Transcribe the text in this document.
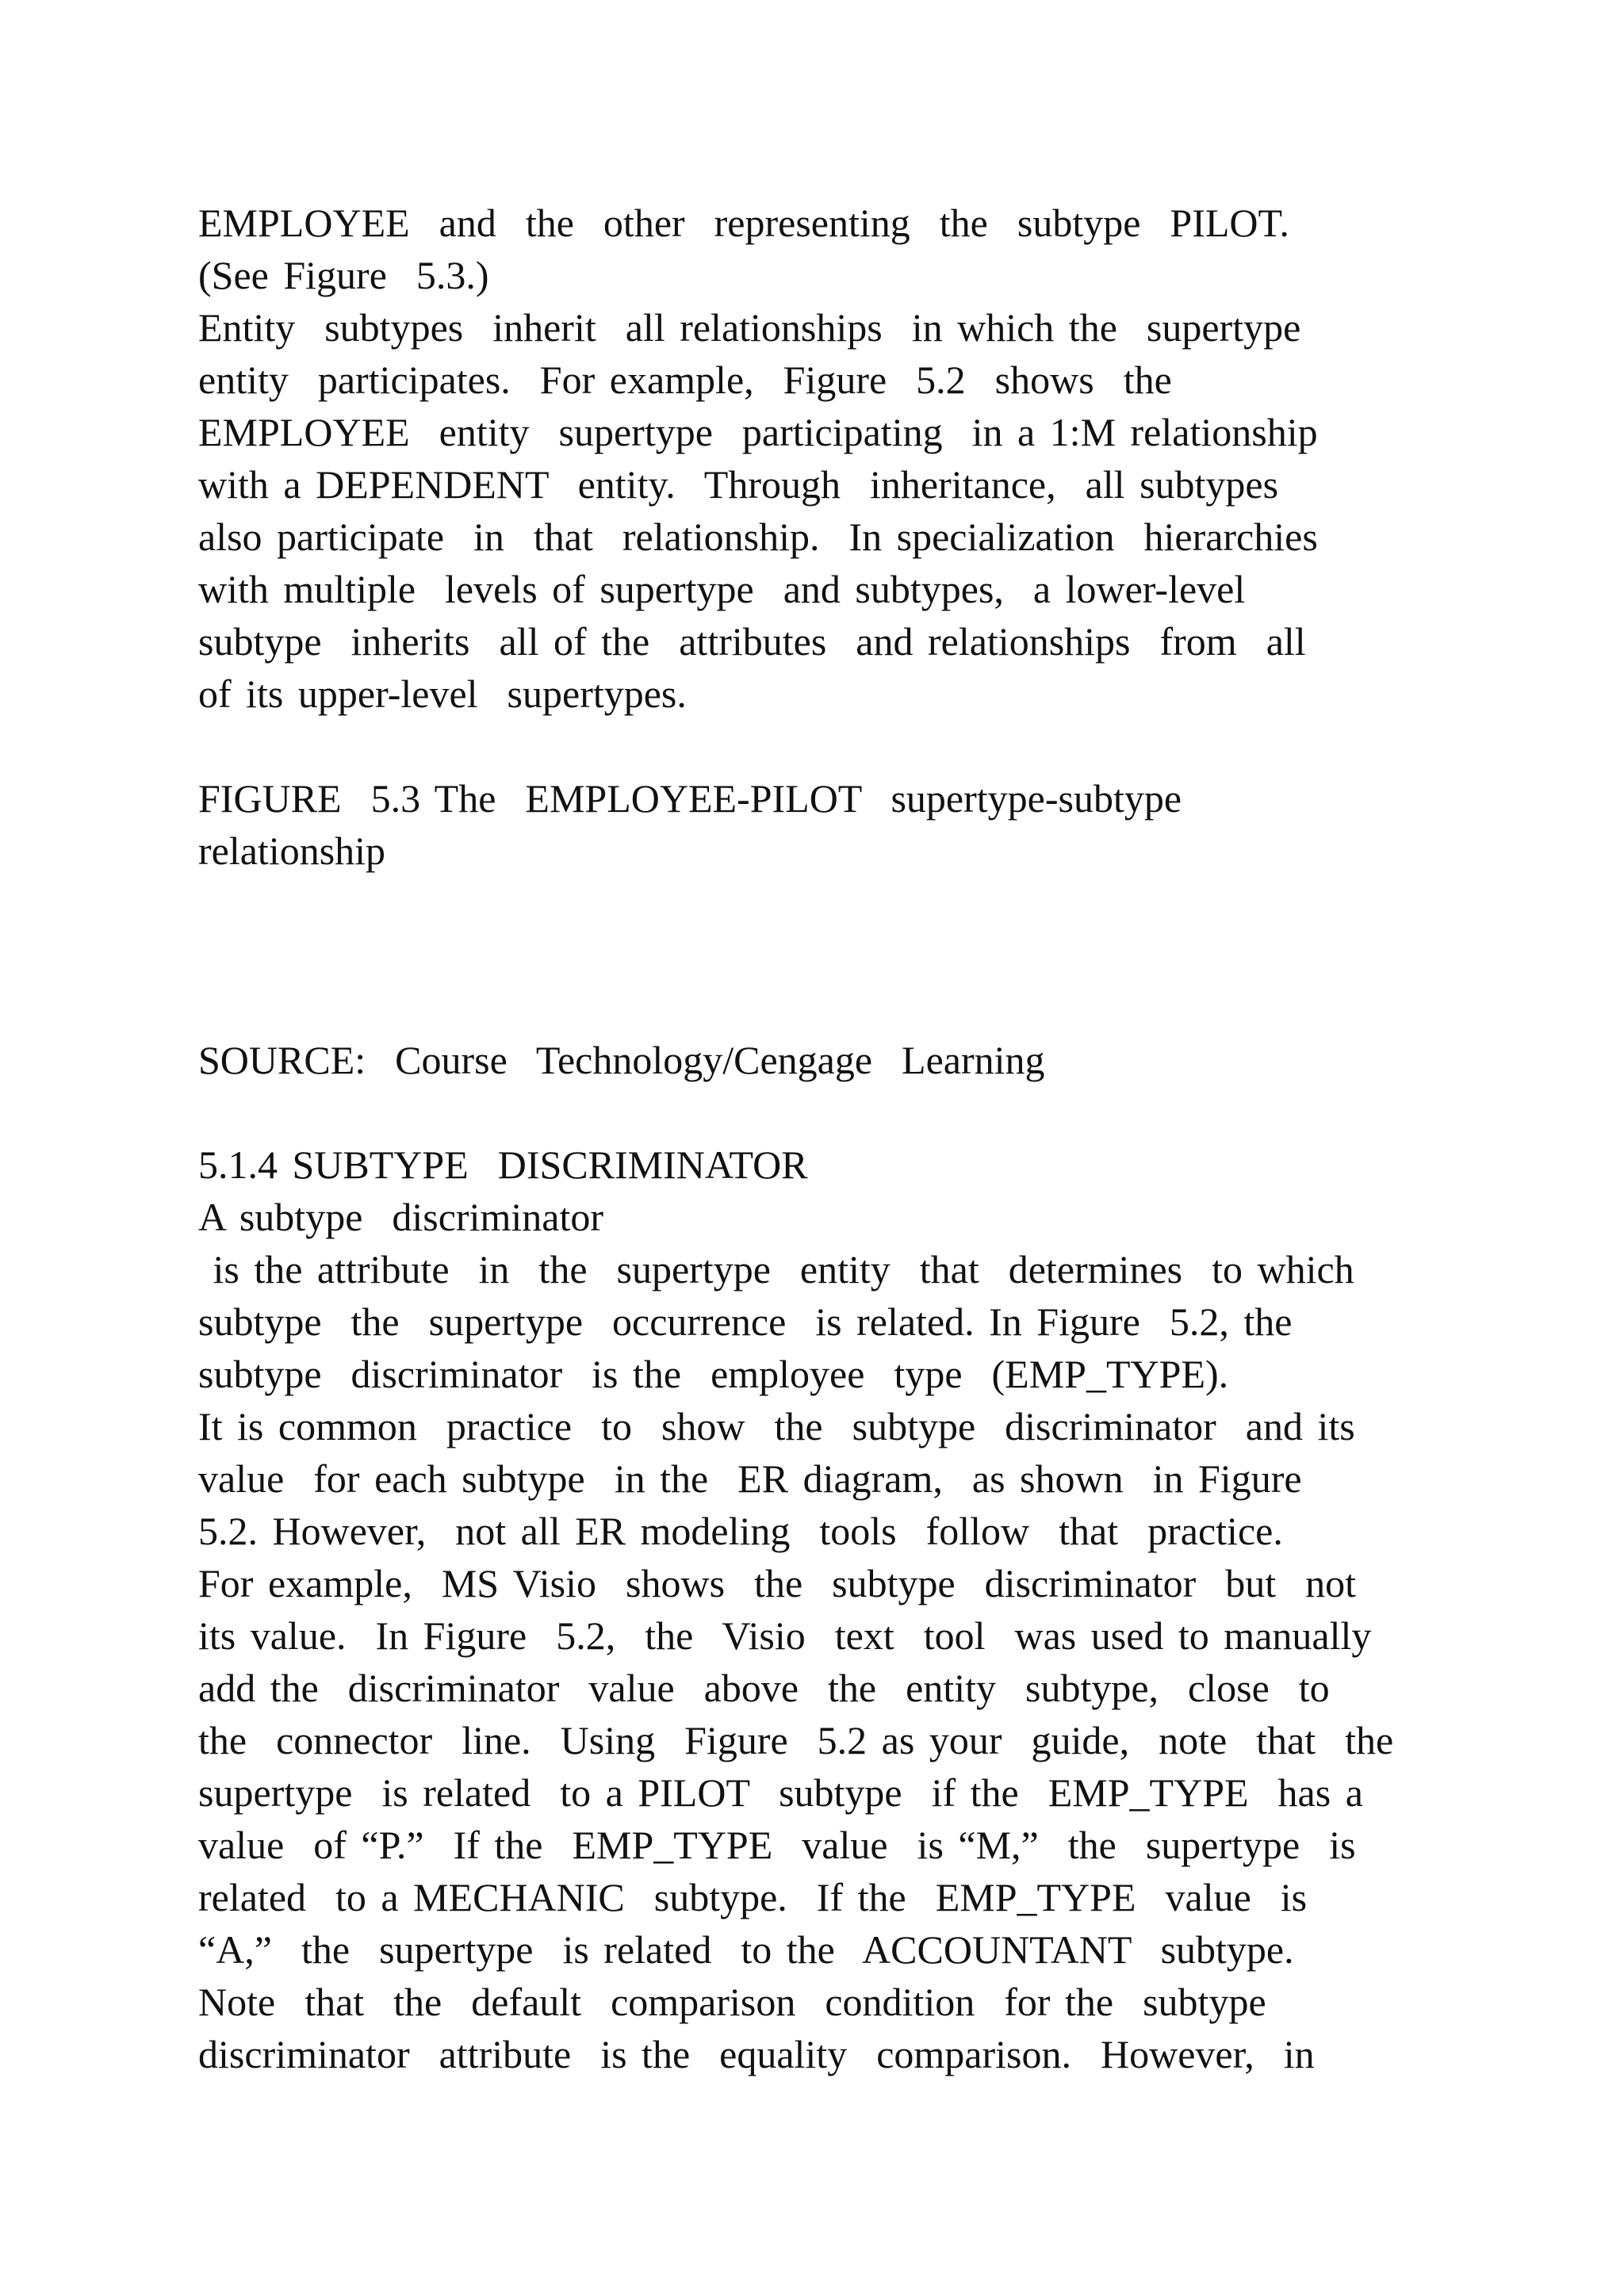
EMPLOYEE  and  the  other  representing  the  subtype  PILOT.

(See Figure  5.3.)

Entity  subtypes  inherit  all relationships  in which the  supertype

entity  participates.  For example,  Figure  5.2  shows  the

EMPLOYEE  entity  supertype  participating  in a 1:M relationship

with a DEPENDENT  entity.  Through  inheritance,  all subtypes

also participate  in  that  relationship.  In specialization  hierarchies

with multiple  levels of supertype  and subtypes,  a lower-level

subtype  inherits  all of the  attributes  and relationships  from  all

of its upper-level  supertypes.

FIGURE  5.3 The  EMPLOYEE-PILOT  supertype-subtype

relationship

SOURCE:  Course  Technology/Cengage  Learning

5.1.4 SUBTYPE  DISCRIMINATOR

A subtype  discriminator

is the attribute  in  the  supertype  entity  that  determines  to which

subtype  the  supertype  occurrence  is related. In Figure  5.2, the

subtype  discriminator  is the  employee  type  (EMP_TYPE).

It is common  practice  to  show  the  subtype  discriminator  and its

value  for each subtype  in the  ER diagram,  as shown  in Figure

5.2. However,  not all ER modeling  tools  follow  that  practice.

For example,  MS Visio  shows  the  subtype  discriminator  but  not

its value.  In Figure  5.2,  the  Visio  text  tool  was used to manually

add the  discriminator  value  above  the  entity  subtype,  close  to

the  connector  line.  Using  Figure  5.2 as your  guide,  note  that  the

supertype  is related  to a PILOT  subtype  if the  EMP_TYPE  has a

value  of “P.”  If the  EMP_TYPE  value  is “M,”  the  supertype  is

related  to a MECHANIC  subtype.  If the  EMP_TYPE  value  is

“A,”  the  supertype  is related  to the  ACCOUNTANT  subtype.

Note  that  the  default  comparison  condition  for the  subtype

discriminator  attribute  is the  equality  comparison.  However,  in
